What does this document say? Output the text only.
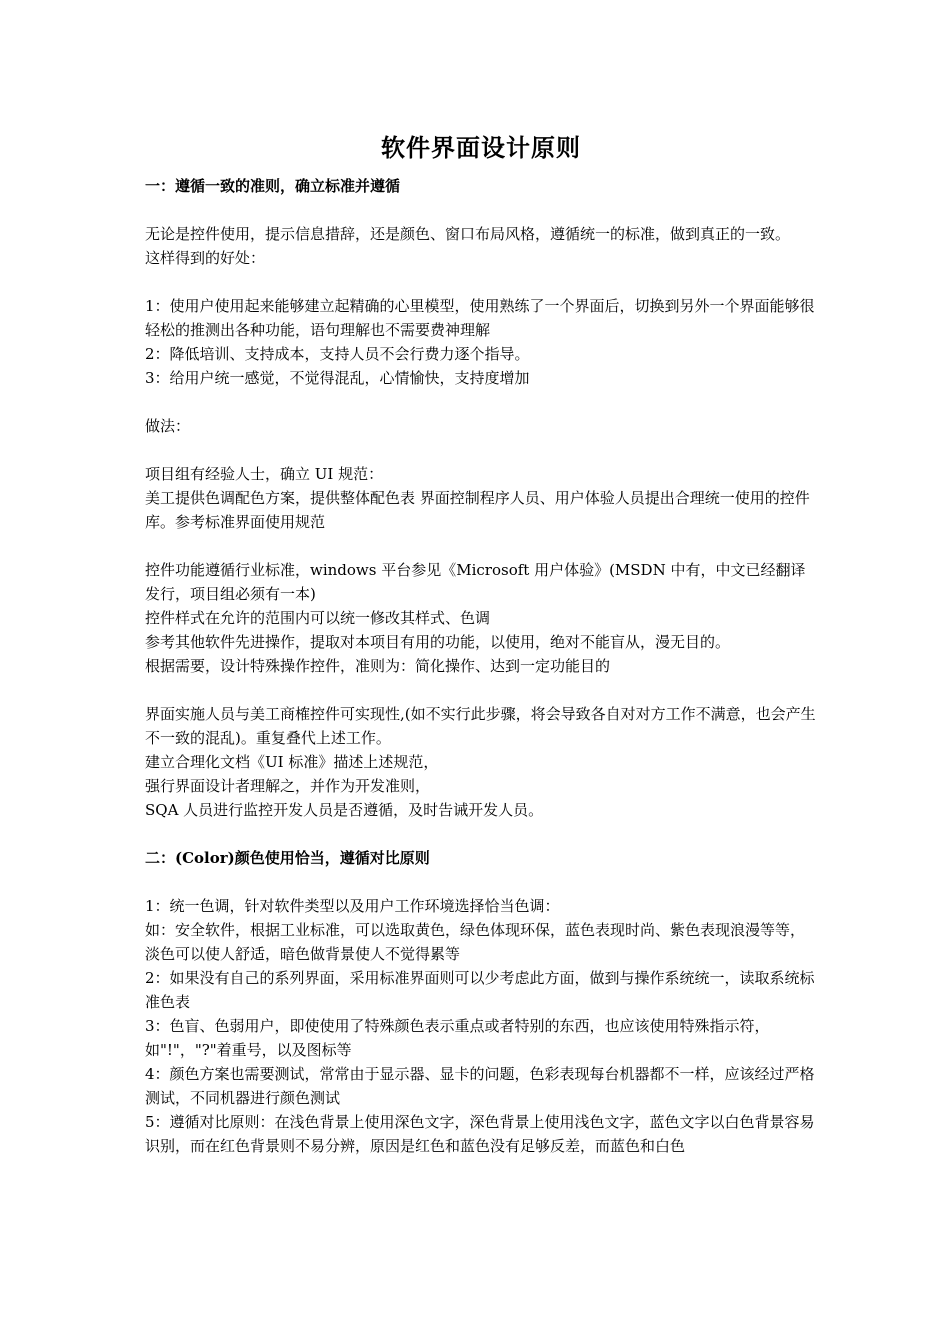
软件界面设计原则

一：遵循一致的准则，确立标准并遵循

无论是控件使用，提示信息措辞，还是颜色、窗口布局风格，遵循统一的标准，做到真正的一致。

这样得到的好处：

1：使用户使用起来能够建立起精确的心里模型，使用熟练了一个界面后，切换到另外一个界面能够很轻松的推测出各种功能，语句理解也不需要费神理解

2：降低培训、支持成本，支持人员不会行费力逐个指导。

3：给用户统一感觉，不觉得混乱，心情愉快，支持度增加

做法：

项目组有经验人士，确立 UI 规范：

美工提供色调配色方案，提供整体配色表 界面控制程序人员、用户体验人员提出合理统一使用的控件库。参考标准界面使用规范

控件功能遵循行业标准，windows 平台参见《Microsoft 用户体验》(MSDN 中有，中文已经翻译发行，项目组必须有一本)

控件样式在允许的范围内可以统一修改其样式、色调

参考其他软件先进操作，提取对本项目有用的功能，以使用，绝对不能盲从，漫无目的。

根据需要，设计特殊操作控件，准则为：简化操作、达到一定功能目的

界面实施人员与美工商榷控件可实现性,(如不实行此步骤，将会导致各自对对方工作不满意，也会产生不一致的混乱)。重复叠代上述工作。

建立合理化文档《UI 标准》描述上述规范，

强行界面设计者理解之，并作为开发准则，

SQA 人员进行监控开发人员是否遵循，及时告诫开发人员。

二：(Color)颜色使用恰当，遵循对比原则

1：统一色调，针对软件类型以及用户工作环境选择恰当色调：

如：安全软件，根据工业标准，可以选取黄色，绿色体现环保，蓝色表现时尚、紫色表现浪漫等等，淡色可以使人舒适，暗色做背景使人不觉得累等

2：如果没有自己的系列界面，采用标准界面则可以少考虑此方面，做到与操作系统统一，读取系统标准色表

3：色盲、色弱用户，即使使用了特殊颜色表示重点或者特别的东西，也应该使用特殊指示符，如"!"，"?"着重号，以及图标等

4：颜色方案也需要测试，常常由于显示器、显卡的问题，色彩表现每台机器都不一样，应该经过严格测试，不同机器进行颜色测试

5：遵循对比原则：在浅色背景上使用深色文字，深色背景上使用浅色文字，蓝色文字以白色背景容易识别，而在红色背景则不易分辨，原因是红色和蓝色没有足够反差，而蓝色和白色
